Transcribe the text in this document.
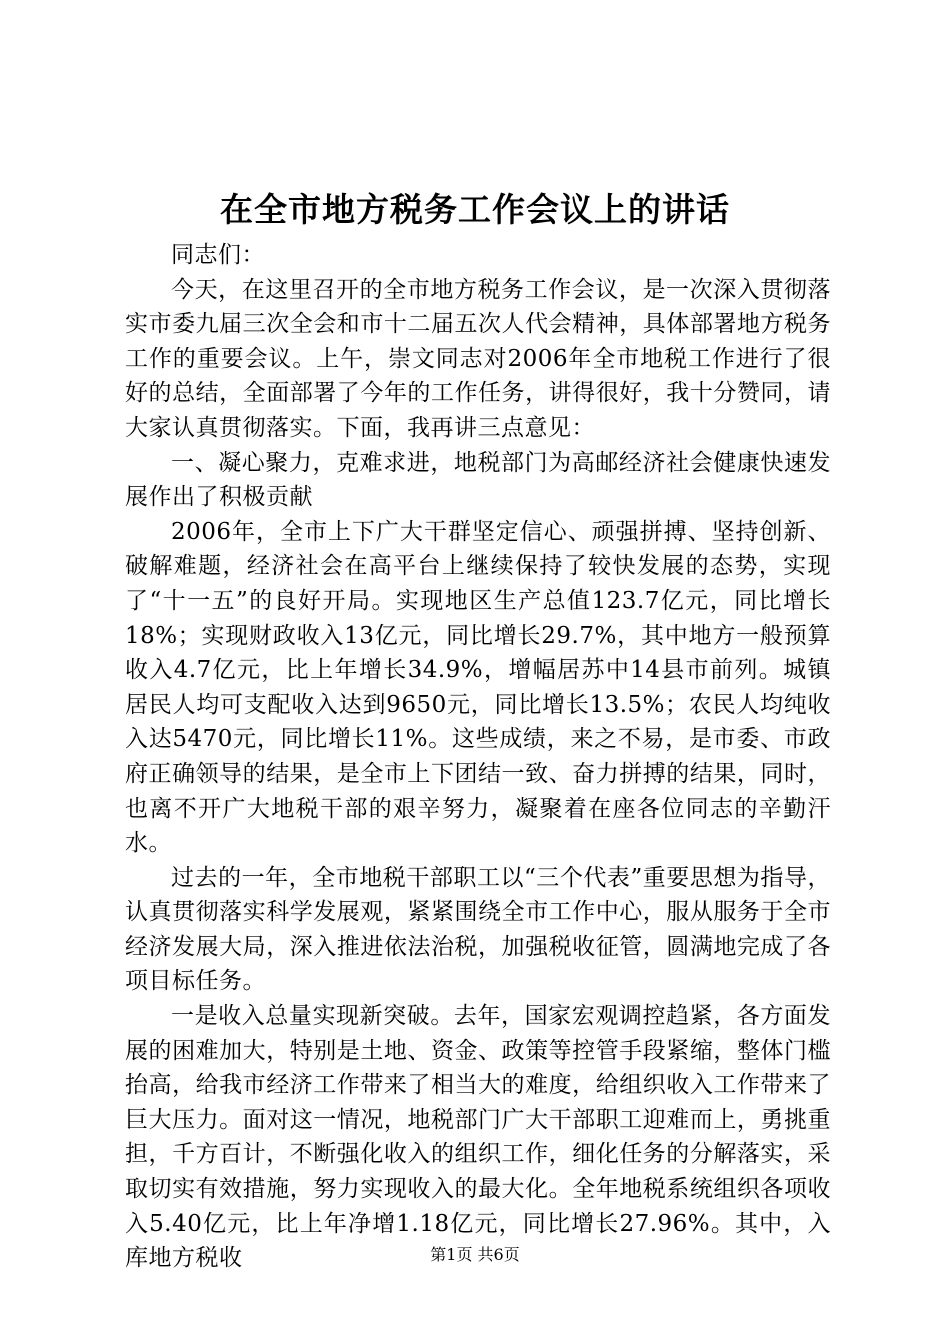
在全市地方税务工作会议上的讲话

同志们：

今天，在这里召开的全市地方税务工作会议，是一次深入贯彻落实市委九届三次全会和市十二届五次人代会精神，具体部署地方税务工作的重要会议。上午，崇文同志对2006年全市地税工作进行了很好的总结，全面部署了今年的工作任务，讲得很好，我十分赞同，请大家认真贯彻落实。下面，我再讲三点意见：

一、凝心聚力，克难求进，地税部门为高邮经济社会健康快速发展作出了积极贡献

2006年，全市上下广大干群坚定信心、顽强拼搏、坚持创新、破解难题，经济社会在高平台上继续保持了较快发展的态势，实现了“十一五”的良好开局。实现地区生产总值123.7亿元，同比增长18%；实现财政收入13亿元，同比增长29.7%，其中地方一般预算收入4.7亿元，比上年增长34.9%，增幅居苏中14县市前列。城镇居民人均可支配收入达到9650元，同比增长13.5%；农民人均纯收入达5470元，同比增长11%。这些成绩，来之不易，是市委、市政府正确领导的结果，是全市上下团结一致、奋力拼搏的结果，同时，也离不开广大地税干部的艰辛努力，凝聚着在座各位同志的辛勤汗水。

过去的一年，全市地税干部职工以“三个代表”重要思想为指导，认真贯彻落实科学发展观，紧紧围绕全市工作中心，服从服务于全市经济发展大局，深入推进依法治税，加强税收征管，圆满地完成了各项目标任务。

一是收入总量实现新突破。去年，国家宏观调控趋紧，各方面发展的困难加大，特别是土地、资金、政策等控管手段紧缩，整体门槛抬高，给我市经济工作带来了相当大的难度，给组织收入工作带来了巨大压力。面对这一情况，地税部门广大干部职工迎难而上，勇挑重担，千方百计，不断强化收入的组织工作，细化任务的分解落实，采取切实有效措施，努力实现收入的最大化。全年地税系统组织各项收入5.40亿元，比上年净增1.18亿元，同比增长27.96%。其中，入库地方税收	第1页 共6页
